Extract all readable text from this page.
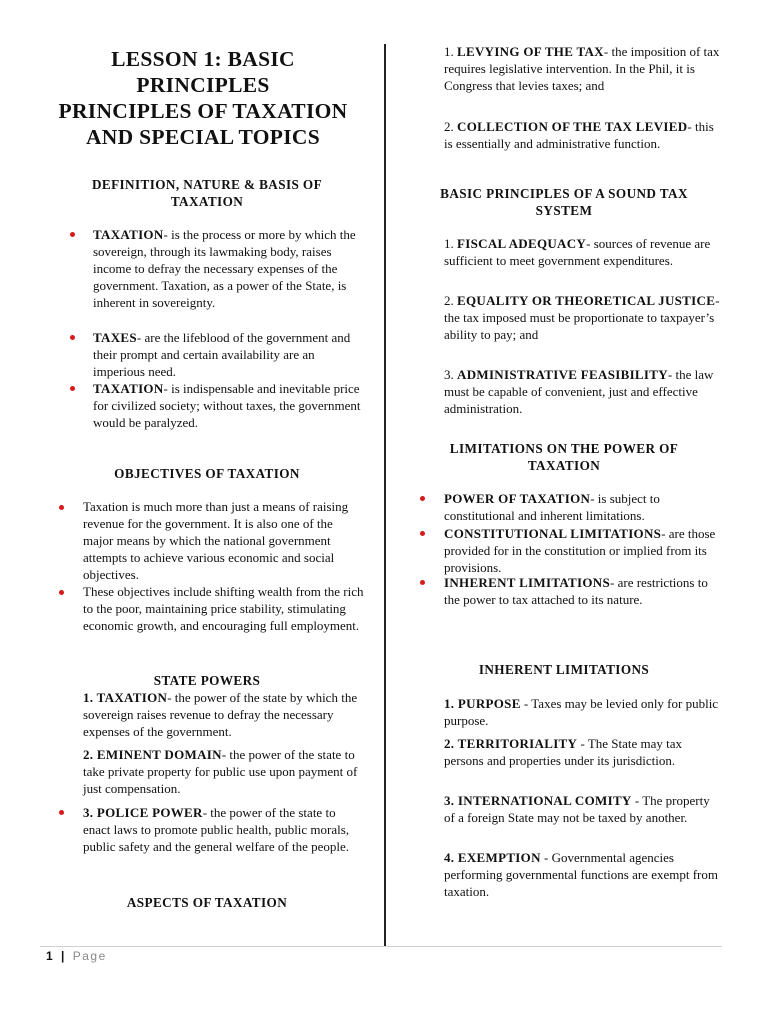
LESSON 1: BASIC
PRINCIPLES
PRINCIPLES OF TAXATION
AND SPECIAL TOPICS
DEFINITION, NATURE & BASIS OF
TAXATION
TAXATION- is the process or more by which the sovereign, through its lawmaking body, raises income to defray the necessary expenses of the government. Taxation, as a power of the State, is inherent in sovereignty.
TAXES- are the lifeblood of the government and their prompt and certain availability are an imperious need.
TAXATION- is indispensable and inevitable price for civilized society; without taxes, the government would be paralyzed.
OBJECTIVES OF TAXATION
Taxation is much more than just a means of raising revenue for the government. It is also one of the major means by which the national government attempts to achieve various economic and social objectives.
These objectives include shifting wealth from the rich to the poor, maintaining price stability, stimulating economic growth, and encouraging full employment.
STATE POWERS
1. TAXATION- the power of the state by which the sovereign raises revenue to defray the necessary expenses of the government.
2. EMINENT DOMAIN- the power of the state to take private property for public use upon payment of just compensation.
3. POLICE POWER- the power of the state to enact laws to promote public health, public morals, public safety and the general welfare of the people.
ASPECTS OF TAXATION
1. LEVYING OF THE TAX- the imposition of tax requires legislative intervention. In the Phil, it is Congress that levies taxes; and
2. COLLECTION OF THE TAX LEVIED- this is essentially and administrative function.
BASIC PRINCIPLES OF A SOUND TAX
SYSTEM
1. FISCAL ADEQUACY- sources of revenue are sufficient to meet government expenditures.
2. EQUALITY OR THEORETICAL JUSTICE- the tax imposed must be proportionate to taxpayer’s ability to pay; and
3. ADMINISTRATIVE FEASIBILITY- the law must be capable of convenient, just and effective administration.
LIMITATIONS ON THE POWER OF
TAXATION
POWER OF TAXATION- is subject to constitutional and inherent limitations.
CONSTITUTIONAL LIMITATIONS- are those provided for in the constitution or implied from its provisions.
INHERENT LIMITATIONS- are restrictions to the power to tax attached to its nature.
INHERENT LIMITATIONS
1. PURPOSE - Taxes may be levied only for public purpose.
2. TERRITORIALITY - The State may tax persons and properties under its jurisdiction.
3. INTERNATIONAL COMITY - The property of a foreign State may not be taxed by another.
4. EXEMPTION - Governmental agencies performing governmental functions are exempt from taxation.
1 | Page
